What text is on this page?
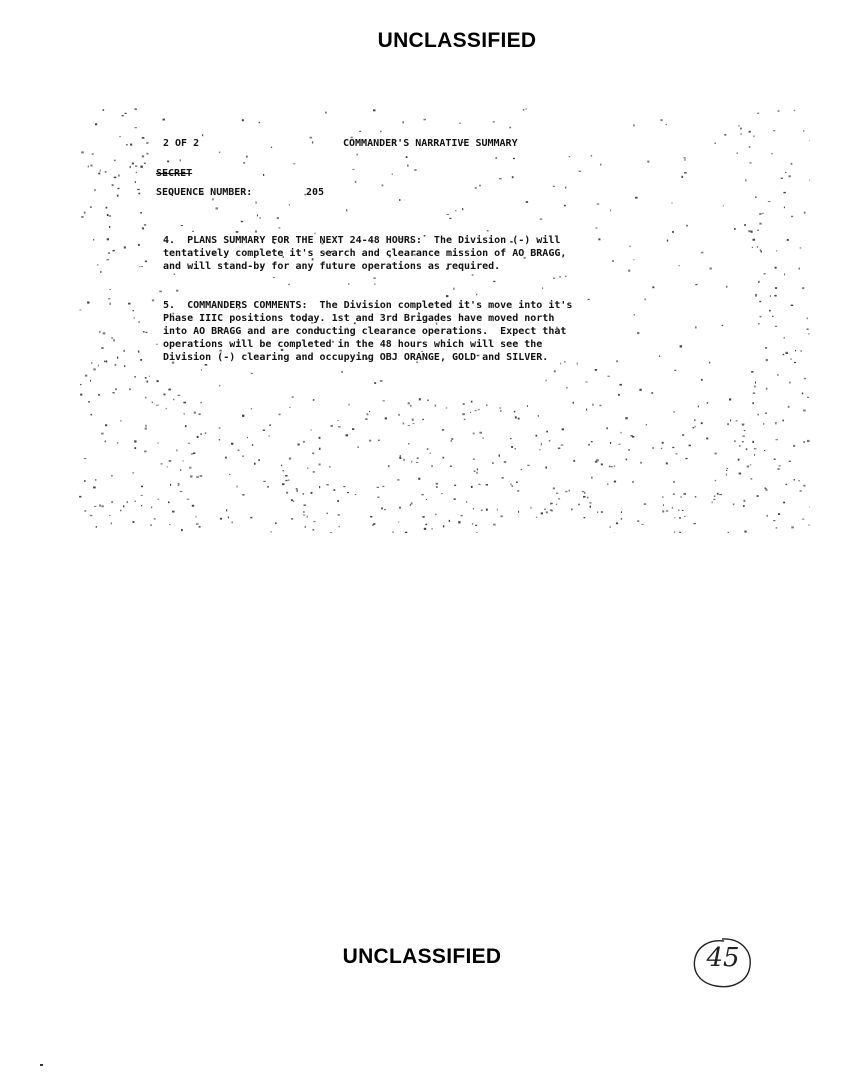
UNCLASSIFIED
2 OF 2	COMMANDER'S NARRATIVE SUMMARY
SECRET
SEQUENCE NUMBER:	205
4.  PLANS SUMMARY FOR THE NEXT 24-48 HOURS:  The Division (-) will
tentatively complete it's search and clearance mission of AO BRAGG,
and will stand-by for any future operations as required.
5.  COMMANDERS COMMENTS:  The Division completed it's move into it's
Phase IIIC positions today. 1st and 3rd Brigades have moved north
into AO BRAGG and are conducting clearance operations.  Expect that
operations will be completed in the 48 hours which will see the
Division (-) clearing and occupying OBJ ORANGE, GOLD and SILVER.
UNCLASSIFIED	45
